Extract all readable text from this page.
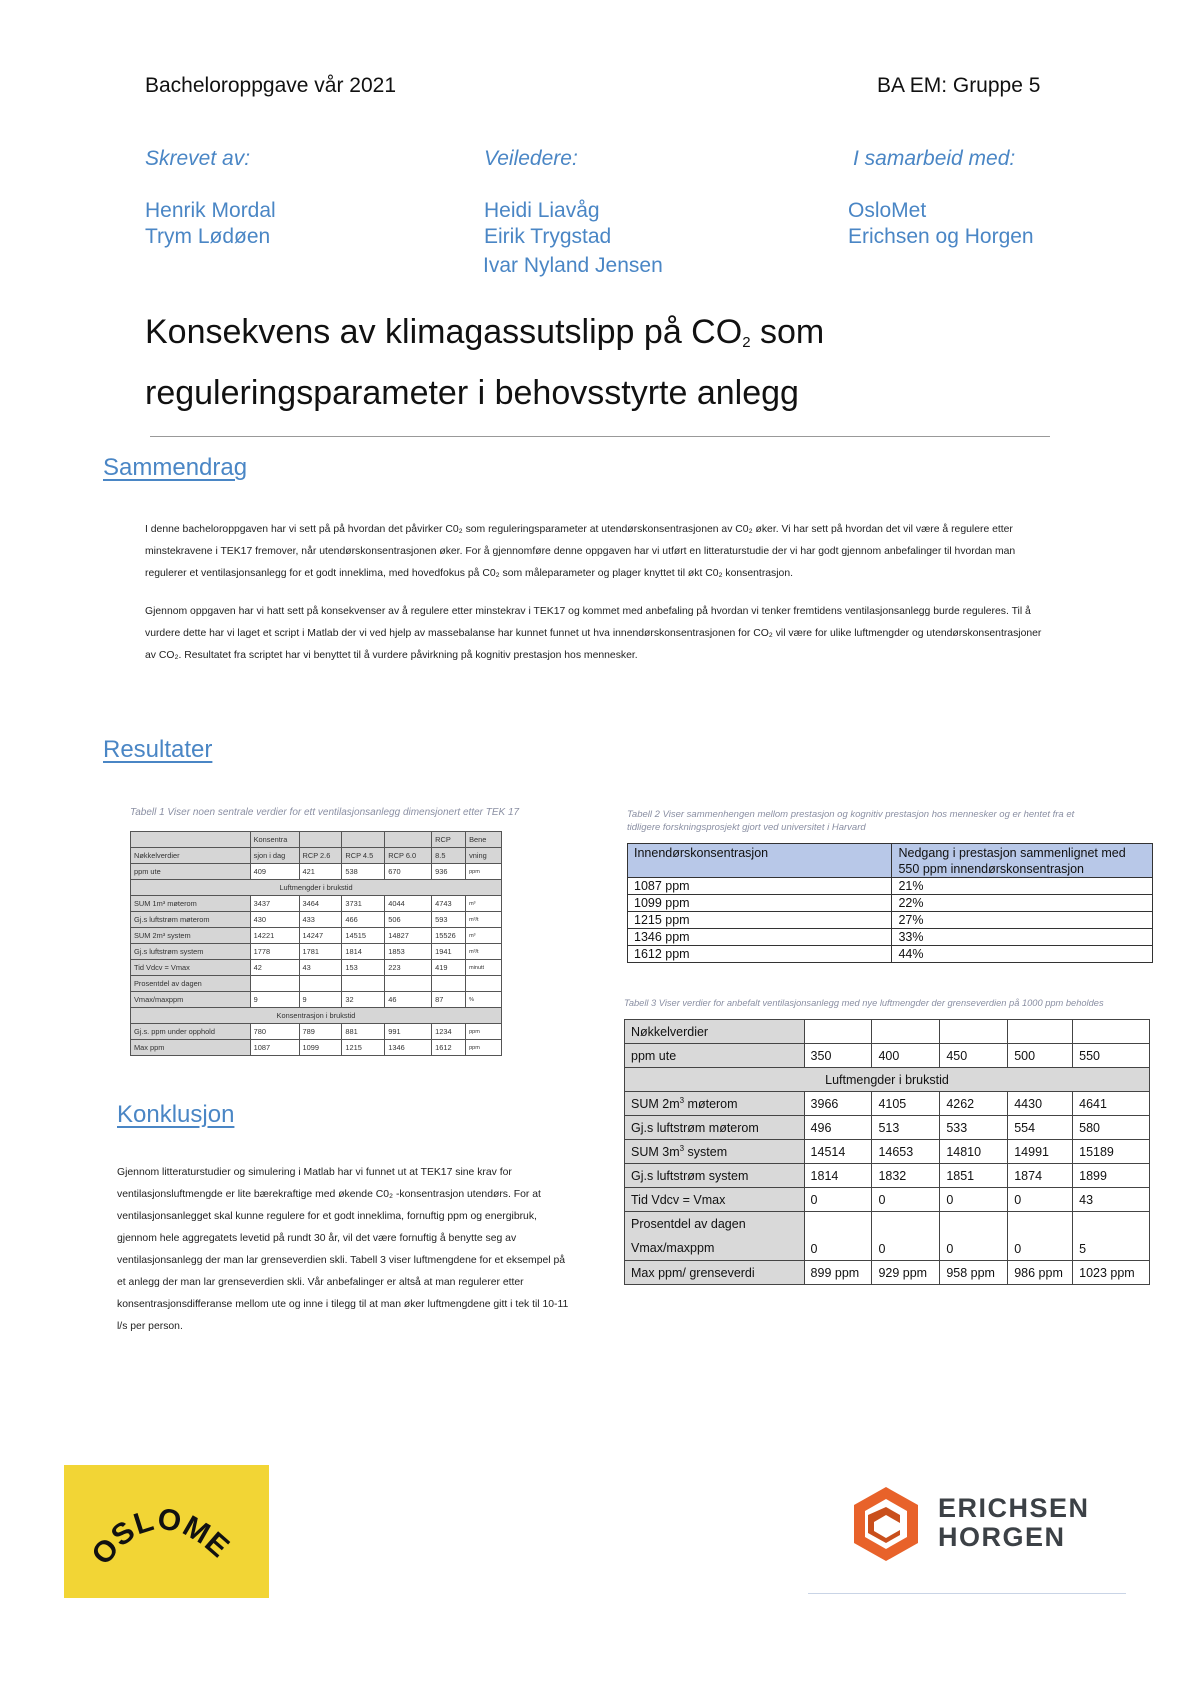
Bacheloroppgave vår 2021	BA EM: Gruppe 5
Skrevet av:
Henrik Mordal
Trym Lødøen
Veiledere:
Heidi Liavåg
Eirik Trygstad
Ivar Nyland Jensen
I samarbeid med:
OsloMet
Erichsen og Horgen
Konsekvens av klimagassutslipp på $CO_2$ som
reguleringsparameter i behovsstyrte anlegg
Sammendrag
I denne bacheloroppgaven har vi sett på på hvordan det påvirker C0₂ som reguleringsparameter at utendørskonsentrasjonen av C0₂ øker. Vi har sett på hvordan det vil være å regulere etter minstekravene i TEK17 fremover, når utendørskonsentrasjonen øker. For å gjennomføre denne oppgaven har vi utført en litteraturstudie der vi har godt gjennom anbefalinger til hvordan man regulerer et ventilasjonsanlegg for et godt inneklima, med hovedfokus på C0₂ som måleparameter og plager knyttet til økt C0₂ konsentrasjon.
Gjennom oppgaven har vi hatt sett på konsekvenser av å regulere etter minstekrav i TEK17 og kommet med anbefaling på hvordan vi tenker fremtidens ventilasjonsanlegg burde reguleres. Til å vurdere dette har vi laget et script i Matlab der vi ved hjelp av massebalanse har kunnet funnet ut hva innendørskonsentrasjonen for CO₂ vil være for ulike luftmengder og utendørskonsentrasjoner av CO₂. Resultatet fra scriptet har vi benyttet til å vurdere påvirkning på kognitiv prestasjon hos mennesker.
Resultater
Tabell 1 Viser noen sentrale verdier for ett ventilasjonsanlegg dimensjonert etter TEK 17
	Konsentra				RCP	Bene
Nøkkelverdier	sjon i dag	RCP 2.6	RCP 4.5	RCP 6.0	8.5	vning
ppm ute	409	421	538	670	936	ppm
Luftmengder i brukstid						
SUM 1m³ møterom	3437	3464	3731	4044	4743	m³
Gj.s luftstrøm møterom	430	433	466	506	593	m³/t
SUM 2m³ system	14221	14247	14515	14827	15526	m³
Gj.s luftstrøm system	1778	1781	1814	1853	1941	m³/t
Tid Vdcv = Vmax	42	43	153	223	419	minutt
Prosentdel av dagen						
Vmax/maxppm	9	9	32	46	87	%
Konsentrasjon i brukstid						
Gj.s. ppm under opphold	780	789	881	991	1234	ppm
Max ppm	1087	1099	1215	1346	1612	ppm
Tabell 2 Viser sammenhengen mellom prestasjon og kognitiv prestasjon hos mennesker og er hentet fra et tidligere forskningsprosjekt gjort ved universitet i Harvard
Innendørskonsentrasjon	Nedgang i prestasjon sammenlignet med 550 ppm innendørskonsentrasjon
1087 ppm	21%
1099 ppm	22%
1215 ppm	27%
1346 ppm	33%
1612 ppm	44%
Tabell 3 Viser verdier for anbefalt ventilasjonsanlegg med nye luftmengder der grenseverdien på 1000 ppm beholdes
Nøkkelverdier					
ppm ute	350	400	450	500	550
Luftmengder i brukstid					
SUM $2m^3$ møterom	3966	4105	4262	4430	4641
Gj.s luftstrøm møterom	496	513	533	554	580
SUM $3m^3$ system	14514	14653	14810	14991	15189
Gj.s luftstrøm system	1814	1832	1851	1874	1899
Tid Vdcv = Vmax	0	0	0	0	43

Prosentdel av dagen
Vmax/maxppm	0	0	0	0	5
Max ppm/ grenseverdi	899 ppm	929 ppm	958 ppm	986 ppm	1023 ppm
Konklusjon
Gjennom litteraturstudier og simulering i Matlab har vi funnet ut at TEK17 sine krav for ventilasjonsluftmengde er lite bærekraftige med økende C0₂ -konsentrasjon utendørs. For at ventilasjonsanlegget skal kunne regulere for et godt inneklima, fornuftig ppm og energibruk, gjennom hele aggregatets levetid på rundt 30 år, vil det være fornuftig å benytte seg av ventilasjonsanlegg der man lar grenseverdien skli. Tabell 3 viser luftmengdene for et eksempel på et anlegg der man lar grenseverdien skli. Vår anbefalinger er altså at man regulerer etter konsentrasjonsdifferanse mellom ute og inne i tilegg til at man øker luftmengdene gitt i tek til 10-11 l/s per person.
OSLOME
ERICHSEN
HORGEN
